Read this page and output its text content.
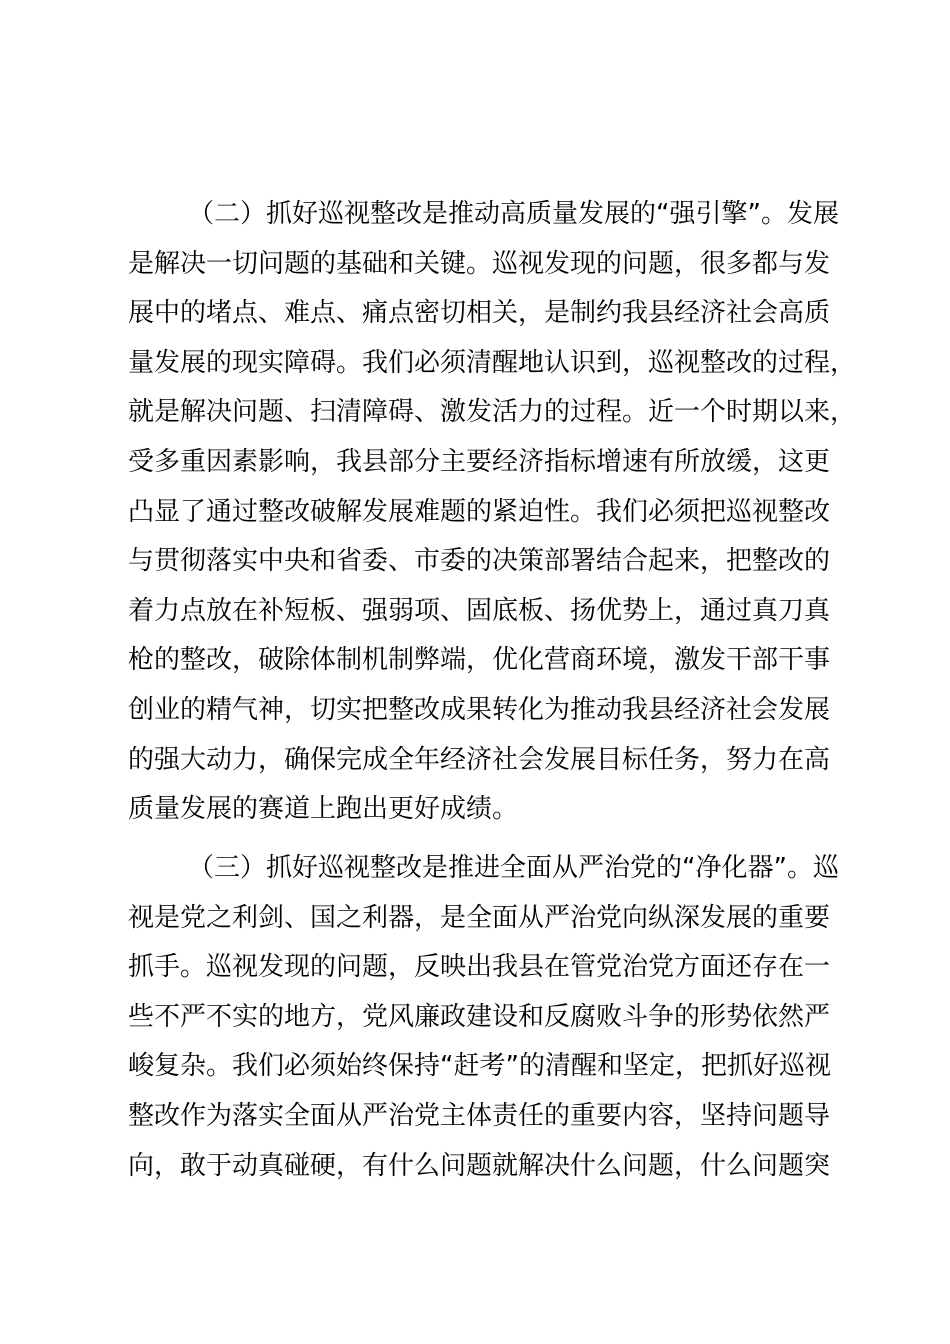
（二）抓好巡视整改是推动高质量发展的“强引擎”。发展
是解决一切问题的基础和关键。巡视发现的问题，很多都与发
展中的堵点、难点、痛点密切相关，是制约我县经济社会高质
量发展的现实障碍。我们必须清醒地认识到，巡视整改的过程，
就是解决问题、扫清障碍、激发活力的过程。近一个时期以来，
受多重因素影响，我县部分主要经济指标增速有所放缓，这更
凸显了通过整改破解发展难题的紧迫性。我们必须把巡视整改
与贯彻落实中央和省委、市委的决策部署结合起来，把整改的
着力点放在补短板、强弱项、固底板、扬优势上，通过真刀真
枪的整改，破除体制机制弊端，优化营商环境，激发干部干事
创业的精气神，切实把整改成果转化为推动我县经济社会发展
的强大动力，确保完成全年经济社会发展目标任务，努力在高
质量发展的赛道上跑出更好成绩。
（三）抓好巡视整改是推进全面从严治党的“净化器”。巡
视是党之利剑、国之利器，是全面从严治党向纵深发展的重要
抓手。巡视发现的问题，反映出我县在管党治党方面还存在一
些不严不实的地方，党风廉政建设和反腐败斗争的形势依然严
峻复杂。我们必须始终保持“赶考”的清醒和坚定，把抓好巡视
整改作为落实全面从严治党主体责任的重要内容，坚持问题导
向，敢于动真碰硬，有什么问题就解决什么问题，什么问题突
